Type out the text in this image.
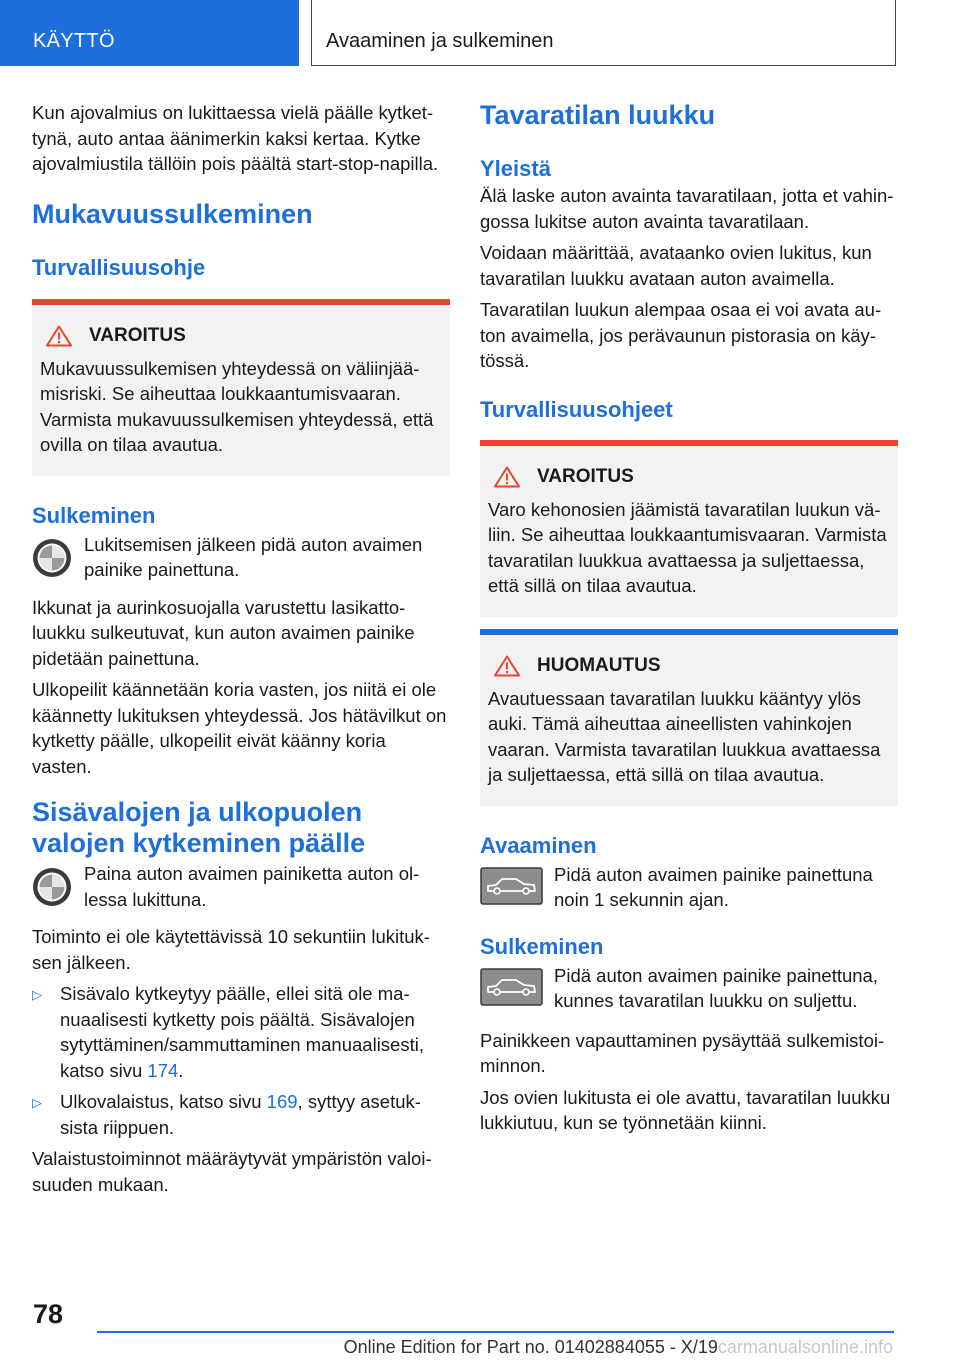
KÄYTTÖ	Avaaminen ja sulkeminen

Kun ajovalmius on lukittaessa vielä päälle kytkettynä, auto antaa äänimerkin kaksi kertaa. Kytke ajovalmiustila tällöin pois päältä start-stop-napilla.

Mukavuussulkeminen
Turvallisuusohje
VAROITUS

Mukavuussulkemisen yhteydessä on väliinjäämisriski. Se aiheuttaa loukkaantumisvaaran. Varmista mukavuussulkemisen yhteydessä, että ovilla on tilaa avautua.

Sulkeminen

Lukitsemisen jälkeen pidä auton avaimen painike painettuna.

Ikkunat ja aurinkosuojalla varustettu lasikattoluukku sulkeutuvat, kun auton avaimen painike pidetään painettuna.

Ulkopeilit käännetään koria vasten, jos niitä ei ole käännetty lukituksen yhteydessä. Jos hätävilkut on kytketty päälle, ulkopeilit eivät käänny koria vasten.

Sisävalojen ja ulkopuolen valojen kytkeminen päälle

Paina auton avaimen painiketta auton ollessa lukittuna.

Toiminto ei ole käytettävissä 10 sekuntiin lukituksen jälkeen.

▷ Sisävalo kytkeytyy päälle, ellei sitä ole manuaalisesti kytketty pois päältä. Sisävalojen sytyttäminen/sammuttaminen manuaalisesti, katso sivu 174.
▷ Ulkovalaistus, katso sivu 169, syttyy asetuksista riippuen.

Valaistustoiminnot määräytyvät ympäristön valoisuuden mukaan.

Tavaratilan luukku
Yleistä

Älä laske auton avainta tavaratilaan, jotta et vahingossa lukitse auton avainta tavaratilaan.

Voidaan määrittää, avataanko ovien lukitus, kun tavaratilan luukku avataan auton avaimella.

Tavaratilan luukun alempaa osaa ei voi avata auton avaimella, jos perävaunun pistorasia on käytössä.

Turvallisuusohjeet
VAROITUS

Varo kehonosien jäämistä tavaratilan luukun väliin. Se aiheuttaa loukkaantumisvaaran. Varmista tavaratilan luukkua avattaessa ja suljettaessa, että sillä on tilaa avautua.

HUOMAUTUS

Avautuessaan tavaratilan luukku kääntyy ylös auki. Tämä aiheuttaa aineellisten vahinkojen vaaran. Varmista tavaratilan luukkua avattaessa ja suljettaessa, että sillä on tilaa avautua.

Avaaminen

Pidä auton avaimen painike painettuna noin 1 sekunnin ajan.

Sulkeminen

Pidä auton avaimen painike painettuna, kunnes tavaratilan luukku on suljettu.

Painikkeen vapauttaminen pysäyttää sulkemistoiminnon.

Jos ovien lukitusta ei ole avattu, tavaratilan luukku lukkiutuu, kun se työnnetään kiinni.

78
Online Edition for Part no. 01402884055 - X/19carmanualsonline.info
